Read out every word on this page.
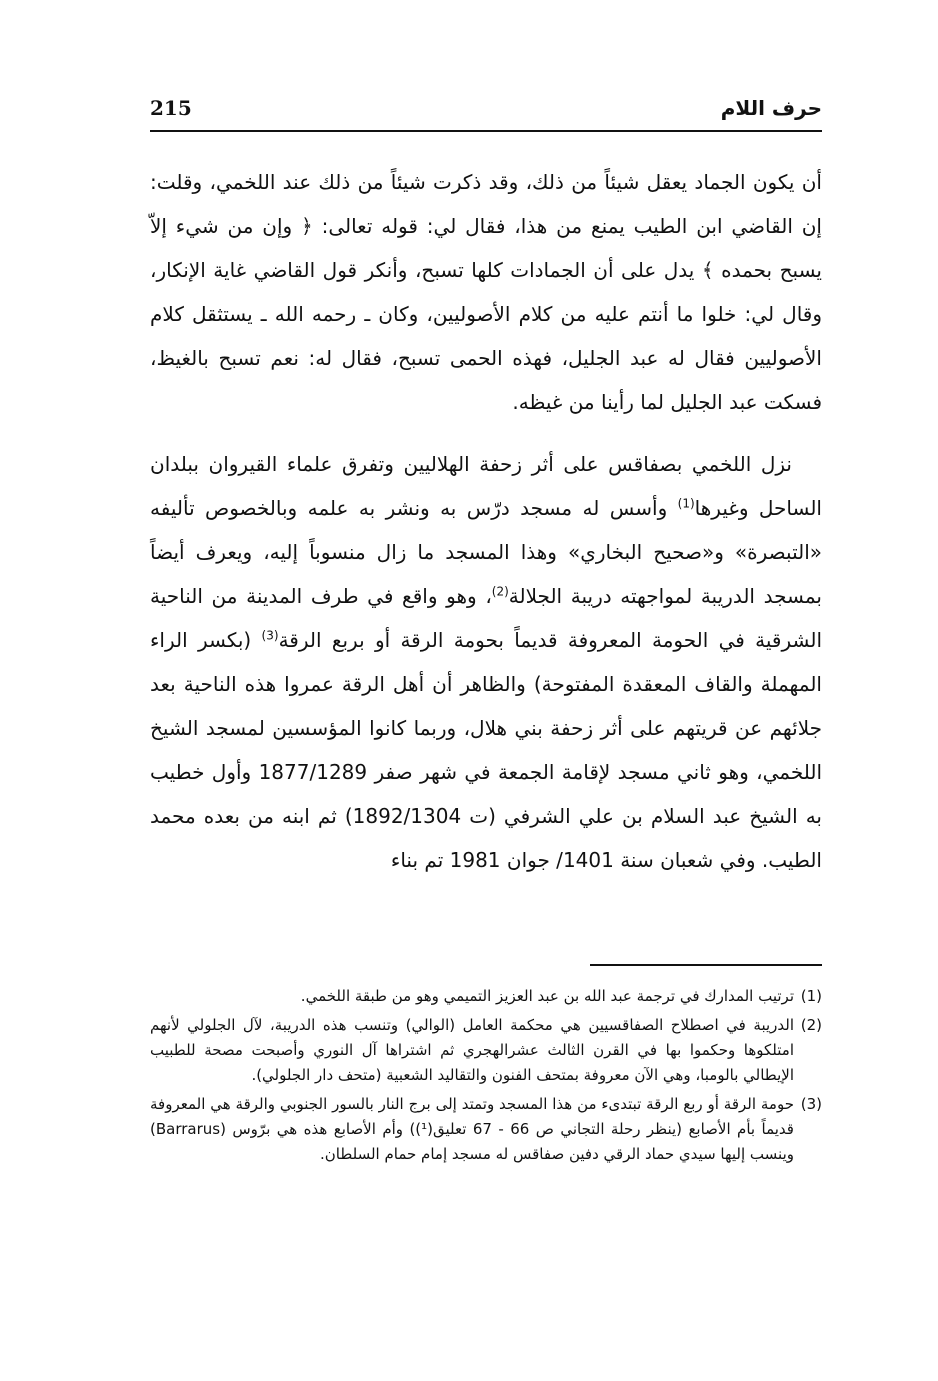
215	حرف اللام

أن يكون الجماد يعقل شيئاً من ذلك، وقد ذكرت شيئاً من ذلك عند اللخمي، وقلت: إن القاضي ابن الطيب يمنع من هذا، فقال لي: قوله تعالى: ﴿ وإن من شيء إلاّ يسبح بحمده ﴾ يدل على أن الجمادات كلها تسبح، وأنكر قول القاضي غاية الإنكار، وقال لي: خلوا ما أنتم عليه من كلام الأصوليين، وكان ـ رحمه الله ـ يستثقل كلام الأصوليين فقال له عبد الجليل، فهذه الحمى تسبح، فقال له: نعم تسبح بالغيظ، فسكت عبد الجليل لما رأينا من غيظه.

نزل اللخمي بصفاقس على أثر زحفة الهلاليين وتفرق علماء القيروان ببلدان الساحل وغيرها$^{(1)}$ وأسس له مسجد درّس به ونشر به علمه وبالخصوص تأليفه «التبصرة» و«صحيح البخاري» وهذا المسجد ما زال منسوباً إليه، ويعرف أيضاً بمسجد الدريبة لمواجهته دريبة الجلالة$^{(2)}$، وهو واقع في طرف المدينة من الناحية الشرقية في الحومة المعروفة قديماً بحومة الرقة أو بربع الرقة$^{(3)}$ (بكسر الراء المهملة والقاف المعقدة المفتوحة) والظاهر أن أهل الرقة عمروا هذه الناحية بعد جلائهم عن قريتهم على أثر زحفة بني هلال، وربما كانوا المؤسسين لمسجد الشيخ اللخمي، وهو ثاني مسجد لإقامة الجمعة في شهر صفر 1877/1289 وأول خطيب به الشيخ عبد السلام بن علي الشرفي (ت 1892/1304) ثم ابنه من بعده محمد الطيب. وفي شعبان سنة 1401/ جوان 1981 تم بناء

(1)
ترتيب المدارك في ترجمة عبد الله بن عبد العزيز التميمي وهو من طبقة اللخمي.

(2)
الدريبة في اصطلاح الصفاقسيين هي محكمة العامل (الوالي) وتنسب هذه الدريبة، لآل الجلولي لأنهم امتلكوها وحكموا بها في القرن الثالث عشرالهجري ثم اشتراها آل النوري وأصبحت مصحة للطبيب الإيطالي بالومبا، وهي الآن معروفة بمتحف الفنون والتقاليد الشعبية (متحف دار الجلولي).

(3)
حومة الرقة أو ربع الرقة تبتدىء من هذا المسجد وتمتد إلى برج النار بالسور الجنوبي والرقة هي المعروفة قديماً بأم الأصابع (ينظر رحلة التجاني ص 66 - 67 تعليق(¹)) وأم الأصابع هذه هي برّوس (Barrarus) وينسب إليها سيدي حماد الرقي دفين صفاقس له مسجد إمام حمام السلطان.
